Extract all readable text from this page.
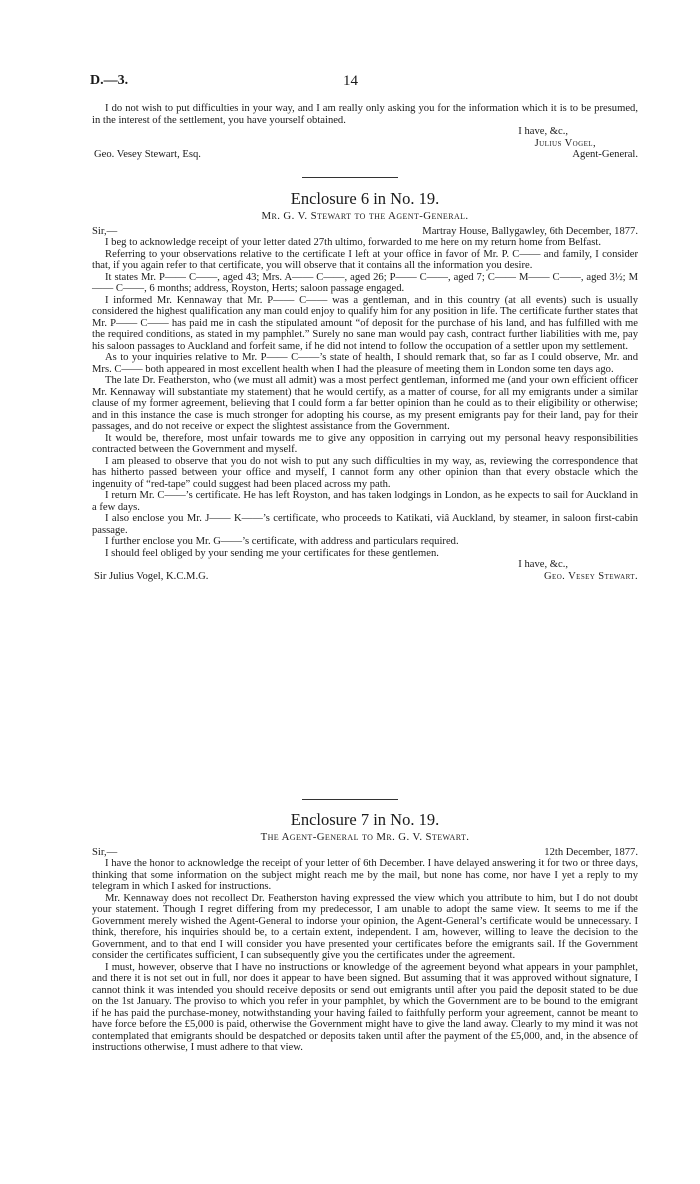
D.—3.	14
I do not wish to put difficulties in your way, and I am really only asking you for the information which it is to be presumed, in the interest of the settlement, you have yourself obtained.
I have, &c.,
Julius Vogel,
Geo. Vesey Stewart, Esq.	Agent-General.
Enclosure 6 in No. 19.
Mr. G. V. Stewart to the Agent-General.
Sir,—	Martray House, Ballygawley, 6th December, 1877.
I beg to acknowledge receipt of your letter dated 27th ultimo, forwarded to me here on my return home from Belfast.
Referring to your observations relative to the certificate I left at your office in favor of Mr. P. C—— and family, I consider that, if you again refer to that certificate, you will observe that it contains all the information you desire.
It states Mr. P—— C——, aged 43; Mrs. A—— C——, aged 26; P—— C——, aged 7; C—— M—— C——, aged 3½; M—— C——, 6 months; address, Royston, Herts; saloon passage engaged.
I informed Mr. Kennaway that Mr. P—— C—— was a gentleman, and in this country (at all events) such is usually considered the highest qualification any man could enjoy to qualify him for any position in life. The certificate further states that Mr. P—— C—— has paid me in cash the stipulated amount “of deposit for the purchase of his land, and has fulfilled with me the required conditions, as stated in my pamphlet.” Surely no sane man would pay cash, contract further liabilities with me, pay his saloon passages to Auckland and forfeit same, if he did not intend to follow the occupation of a settler upon my settlement.
As to your inquiries relative to Mr. P—— C——’s state of health, I should remark that, so far as I could observe, Mr. and Mrs. C—— both appeared in most excellent health when I had the pleasure of meeting them in London some ten days ago.
The late Dr. Featherston, who (we must all admit) was a most perfect gentleman, informed me (and your own efficient officer Mr. Kennaway will substantiate my statement) that he would certify, as a matter of course, for all my emigrants under a similar clause of my former agreement, believing that I could form a far better opinion than he could as to their eligibility or otherwise; and in this instance the case is much stronger for adopting his course, as my present emigrants pay for their land, pay for their passages, and do not receive or expect the slightest assistance from the Government.
It would be, therefore, most unfair towards me to give any opposition in carrying out my personal heavy responsibilities contracted between the Government and myself.
I am pleased to observe that you do not wish to put any such difficulties in my way, as, reviewing the correspondence that has hitherto passed between your office and myself, I cannot form any other opinion than that every obstacle which the ingenuity of “red-tape” could suggest had been placed across my path.
I return Mr. C——’s certificate. He has left Royston, and has taken lodgings in London, as he expects to sail for Auckland in a few days.
I also enclose you Mr. J—— K——’s certificate, who proceeds to Katikati, viâ Auckland, by steamer, in saloon first-cabin passage.
I further enclose you Mr. G——’s certificate, with address and particulars required.
I should feel obliged by your sending me your certificates for these gentlemen.
I have, &c.,
Sir Julius Vogel, K.C.M.G.	Geo. Vesey Stewart.
Enclosure 7 in No. 19.
The Agent-General to Mr. G. V. Stewart.
Sir,—	12th December, 1877.
I have the honor to acknowledge the receipt of your letter of 6th December. I have delayed answering it for two or three days, thinking that some information on the subject might reach me by the mail, but none has come, nor have I yet a reply to my telegram in which I asked for instructions.
Mr. Kennaway does not recollect Dr. Featherston having expressed the view which you attribute to him, but I do not doubt your statement. Though I regret differing from my predecessor, I am unable to adopt the same view. It seems to me if the Government merely wished the Agent-General to indorse your opinion, the Agent-General’s certificate would be unnecessary. I think, therefore, his inquiries should be, to a certain extent, independent. I am, however, willing to leave the decision to the Government, and to that end I will consider you have presented your certificates before the emigrants sail. If the Government consider the certificates sufficient, I can subsequently give you the certificates under the agreement.
I must, however, observe that I have no instructions or knowledge of the agreement beyond what appears in your pamphlet, and there it is not set out in full, nor does it appear to have been signed. But assuming that it was approved without signature, I cannot think it was intended you should receive deposits or send out emigrants until after you paid the deposit stated to be due on the 1st January. The proviso to which you refer in your pamphlet, by which the Government are to be bound to the emigrant if he has paid the purchase-money, notwithstanding your having failed to faithfully perform your agreement, cannot be meant to have force before the £5,000 is paid, otherwise the Government might have to give the land away. Clearly to my mind it was not contemplated that emigrants should be despatched or deposits taken until after the payment of the £5,000, and, in the absence of instructions otherwise, I must adhere to that view.
